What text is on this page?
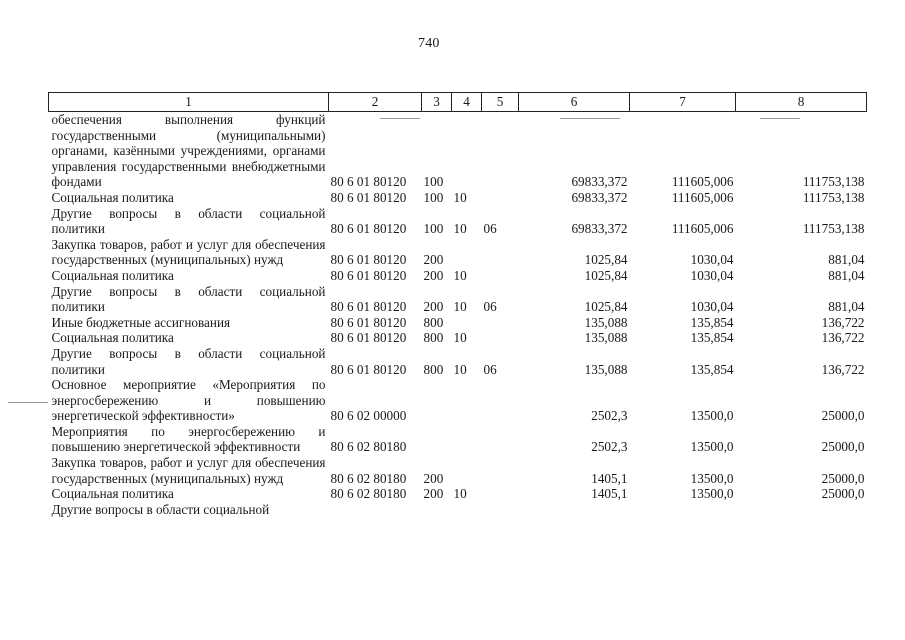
740
1	2	3	4	5	6	7	8
обеспечения выполнения функций государственными (муниципальными) органами, казёнными учреждениями, органами управления государственными внебюджетными фондами	80 6 01 80120	100			69833,372	111605,006	111753,138
Социальная политика	80 6 01 80120	100	10		69833,372	111605,006	111753,138
Другие вопросы в области социальной политики	80 6 01 80120	100	10	06	69833,372	111605,006	111753,138
Закупка товаров, работ и услуг для обеспечения государственных (муниципальных) нужд	80 6 01 80120	200			1025,84	1030,04	881,04
Социальная политика	80 6 01 80120	200	10		1025,84	1030,04	881,04
Другие вопросы в области социальной политики	80 6 01 80120	200	10	06	1025,84	1030,04	881,04
Иные бюджетные ассигнования	80 6 01 80120	800			135,088	135,854	136,722
Социальная политика	80 6 01 80120	800	10		135,088	135,854	136,722
Другие вопросы в области социальной политики	80 6 01 80120	800	10	06	135,088	135,854	136,722
Основное мероприятие «Мероприятия по энергосбережению и повышению энергетической эффективности»	80 6 02 00000				2502,3	13500,0	25000,0
Мероприятия по энергосбережению и повышению энергетической эффективности	80 6 02 80180				2502,3	13500,0	25000,0
Закупка товаров, работ и услуг для обеспечения государственных (муниципальных) нужд	80 6 02 80180	200			1405,1	13500,0	25000,0
Социальная политика	80 6 02 80180	200	10		1405,1	13500,0	25000,0
Другие вопросы в области социальной							
